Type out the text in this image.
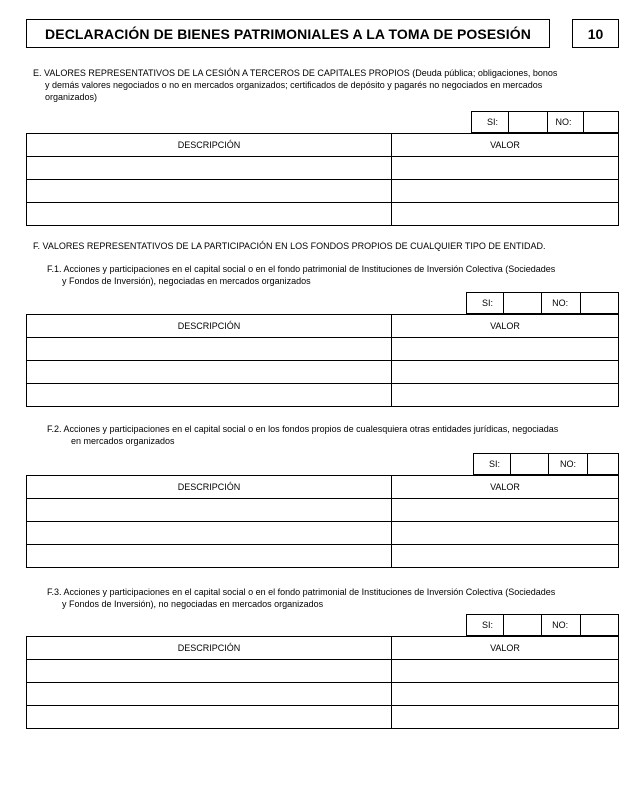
DECLARACIÓN DE BIENES PATRIMONIALES A LA TOMA DE POSESIÓN	10
E. VALORES REPRESENTATIVOS DE LA CESIÓN A TERCEROS DE CAPITALES PROPIOS (Deuda pública; obligaciones, bonos
y demás valores negociados o no en mercados organizados; certificados de depósito y pagarés no negociados en mercados
organizados)
SI:	NO:
DESCRIPCIÓN	VALOR

F. VALORES REPRESENTATIVOS DE LA PARTICIPACIÓN EN LOS FONDOS PROPIOS DE CUALQUIER TIPO DE ENTIDAD.
F.1. Acciones y participaciones en el capital social o en el fondo patrimonial de Instituciones de Inversión Colectiva (Sociedades
y Fondos de Inversión), negociadas en mercados organizados
SI:	NO:
DESCRIPCIÓN	VALOR

F.2. Acciones y participaciones en el capital social o en los fondos propios de cualesquiera otras entidades jurídicas, negociadas
en mercados organizados
SI:	NO:
DESCRIPCIÓN	VALOR

F.3. Acciones y participaciones en el capital social o en el fondo patrimonial de Instituciones de Inversión Colectiva (Sociedades
y Fondos de Inversión), no negociadas en mercados organizados
SI:	NO:
DESCRIPCIÓN	VALOR
